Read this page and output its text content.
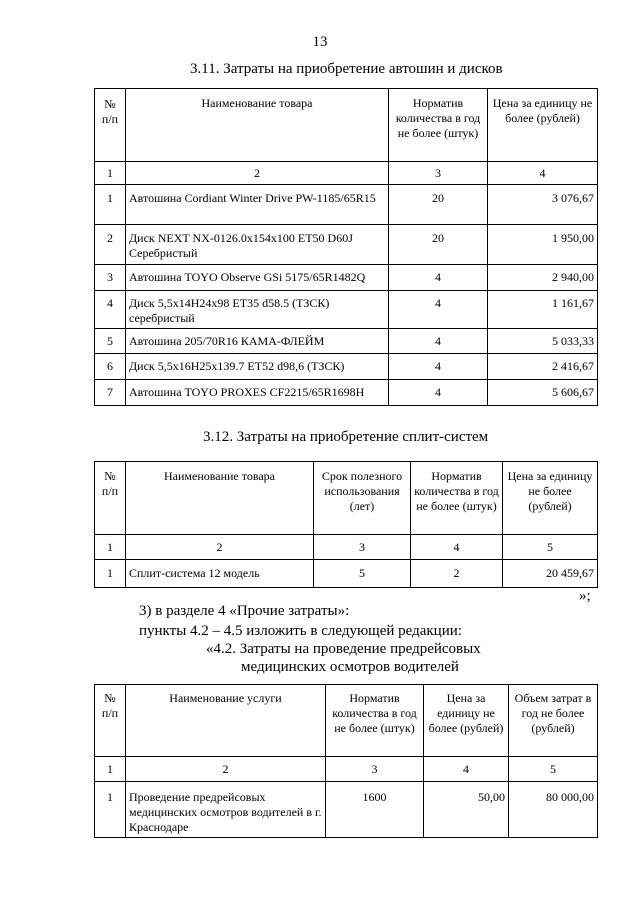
13
3.11. Затраты на приобретение автошин и дисков
№ п/п	Наименование товара	Норматив количества в год не более (штук)	Цена за единицу не более (рублей)
1	2	3	4
1	Автошина Cordiant Winter Drive PW-1185/65R15	20	3 076,67
2	Диск NEXT NX-0126.0x154x100 ET50 D60J Серебристый	20	1 950,00
3	Автошина TOYO Observe GSi 5175/65R1482Q	4	2 940,00
4	Диск 5,5x14H24x98 ET35 d58.5 (ТЗСК) серебристый	4	1 161,67
5	Автошина 205/70R16 КАМА-ФЛЕЙМ	4	5 033,33
6	Диск 5,5x16H25x139.7 ET52 d98,6 (ТЗСК)	4	2 416,67
7	Автошина TOYO PROXES CF2215/65R1698H	4	5 606,67
3.12. Затраты на приобретение сплит-систем
№ п/п	Наименование товара	Срок полезного использования (лет)	Норматив количества в год не более (штук)	Цена за единицу не более (рублей)
1	2	3	4	5
1	Сплит-система 12 модель	5	2	20 459,67
»;
3) в разделе 4 «Прочие затраты»:
пункты 4.2 – 4.5 изложить в следующей редакции:
«4.2. Затраты на проведение предрейсовых
медицинских осмотров водителей
№ п/п	Наименование услуги	Норматив количества в год не более (штук)	Цена за единицу не более (рублей)	Объем затрат в год не более (рублей)
1	2	3	4	5
1	Проведение предрейсовых медицинских осмотров водителей в г. Краснодаре	1600	50,00	80 000,00
